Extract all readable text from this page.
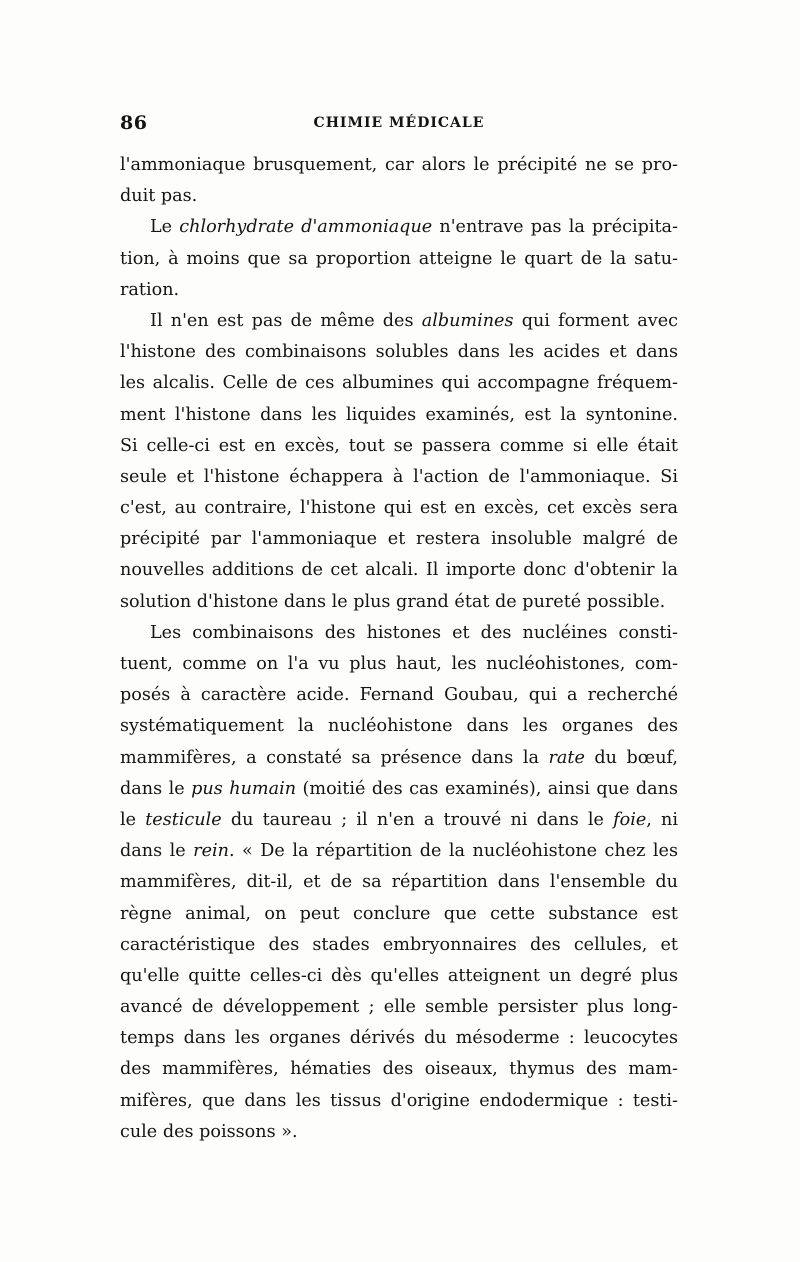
86	CHIMIE MÉDICALE
l'ammoniaque brusquement, car alors le précipité ne se pro-
duit pas.
Le chlorhydrate d'ammoniaque n'entrave pas la précipita-
tion, à moins que sa proportion atteigne le quart de la satu-
ration.
Il n'en est pas de même des albumines qui forment avec
l'histone des combinaisons solubles dans les acides et dans
les alcalis. Celle de ces albumines qui accompagne fréquem-
ment l'histone dans les liquides examinés, est la syntonine.
Si celle-ci est en excès, tout se passera comme si elle était
seule et l'histone échappera à l'action de l'ammoniaque. Si
c'est, au contraire, l'histone qui est en excès, cet excès sera
précipité par l'ammoniaque et restera insoluble malgré de
nouvelles additions de cet alcali. Il importe donc d'obtenir la
solution d'histone dans le plus grand état de pureté possible.
Les combinaisons des histones et des nucléines consti-
tuent, comme on l'a vu plus haut, les nucléohistones, com-
posés à caractère acide. Fernand Goubau, qui a recherché
systématiquement la nucléohistone dans les organes des
mammifères, a constaté sa présence dans la rate du bœuf,
dans le pus humain (moitié des cas examinés), ainsi que dans
le testicule du taureau ; il n'en a trouvé ni dans le foie, ni
dans le rein. « De la répartition de la nucléohistone chez les
mammifères, dit-il, et de sa répartition dans l'ensemble du
règne animal, on peut conclure que cette substance est
caractéristique des stades embryonnaires des cellules, et
qu'elle quitte celles-ci dès qu'elles atteignent un degré plus
avancé de développement ; elle semble persister plus long-
temps dans les organes dérivés du mésoderme : leucocytes
des mammifères, hématies des oiseaux, thymus des mam-
mifères, que dans les tissus d'origine endodermique : testi-
cule des poissons ».
